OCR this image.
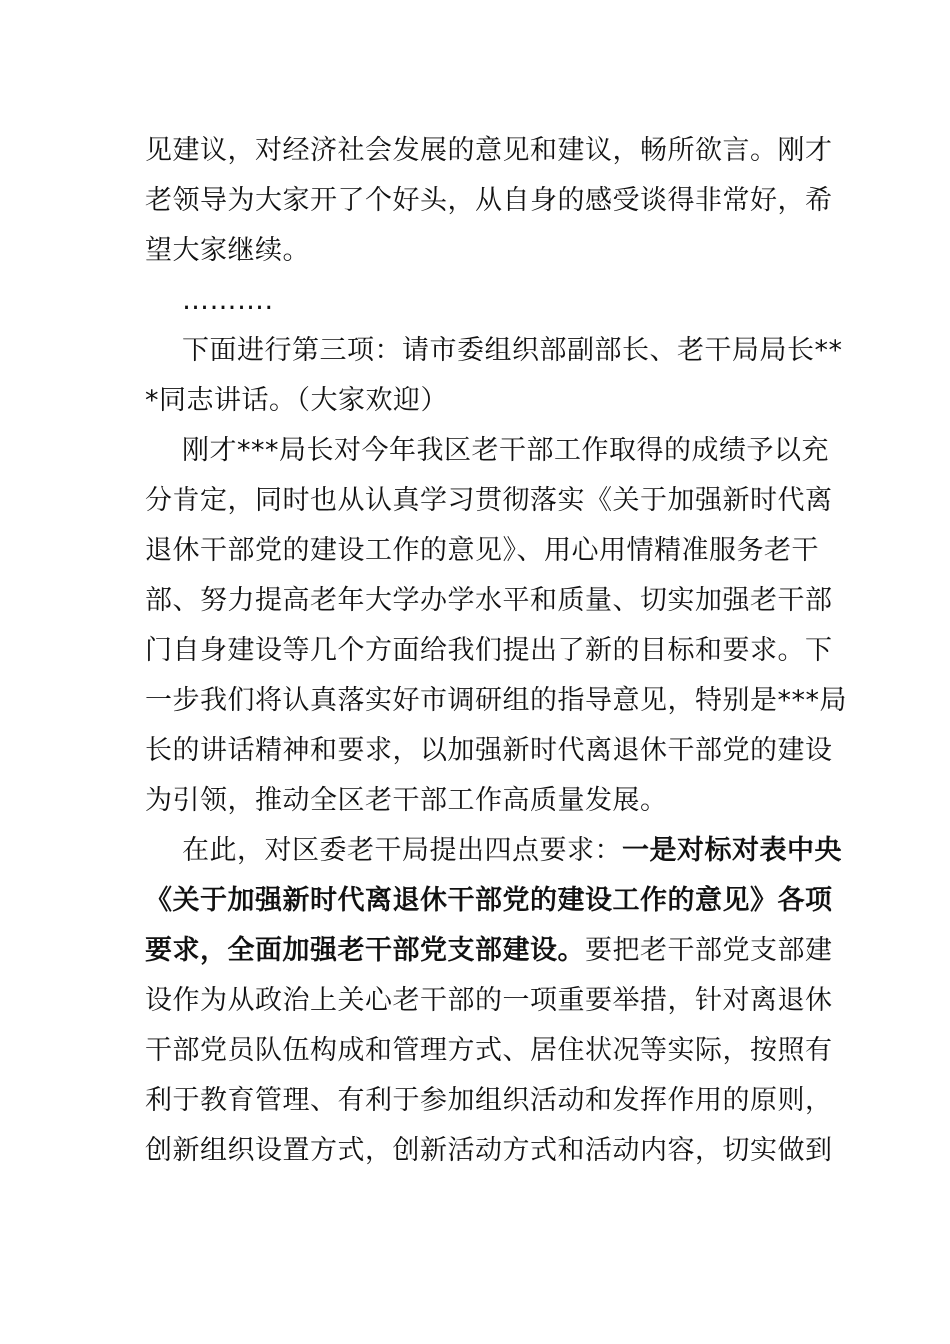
见建议，对经济社会发展的意见和建议，畅所欲言。刚才
老领导为大家开了个好头，从自身的感受谈得非常好，希
望大家继续。
……….
下面进行第三项：请市委组织部副部长、老干局局长**
*同志讲话。（大家欢迎）
刚才***局长对今年我区老干部工作取得的成绩予以充
分肯定，同时也从认真学习贯彻落实《关于加强新时代离
退休干部党的建设工作的意见》、用心用情精准服务老干
部、努力提高老年大学办学水平和质量、切实加强老干部
门自身建设等几个方面给我们提出了新的目标和要求。下
一步我们将认真落实好市调研组的指导意见，特别是***局
长的讲话精神和要求，以加强新时代离退休干部党的建设
为引领，推动全区老干部工作高质量发展。
在此，对区委老干局提出四点要求：一是对标对表中央
《关于加强新时代离退休干部党的建设工作的意见》各项
要求，全面加强老干部党支部建设。要把老干部党支部建
设作为从政治上关心老干部的一项重要举措，针对离退休
干部党员队伍构成和管理方式、居住状况等实际，按照有
利于教育管理、有利于参加组织活动和发挥作用的原则，
创新组织设置方式，创新活动方式和活动内容，切实做到
